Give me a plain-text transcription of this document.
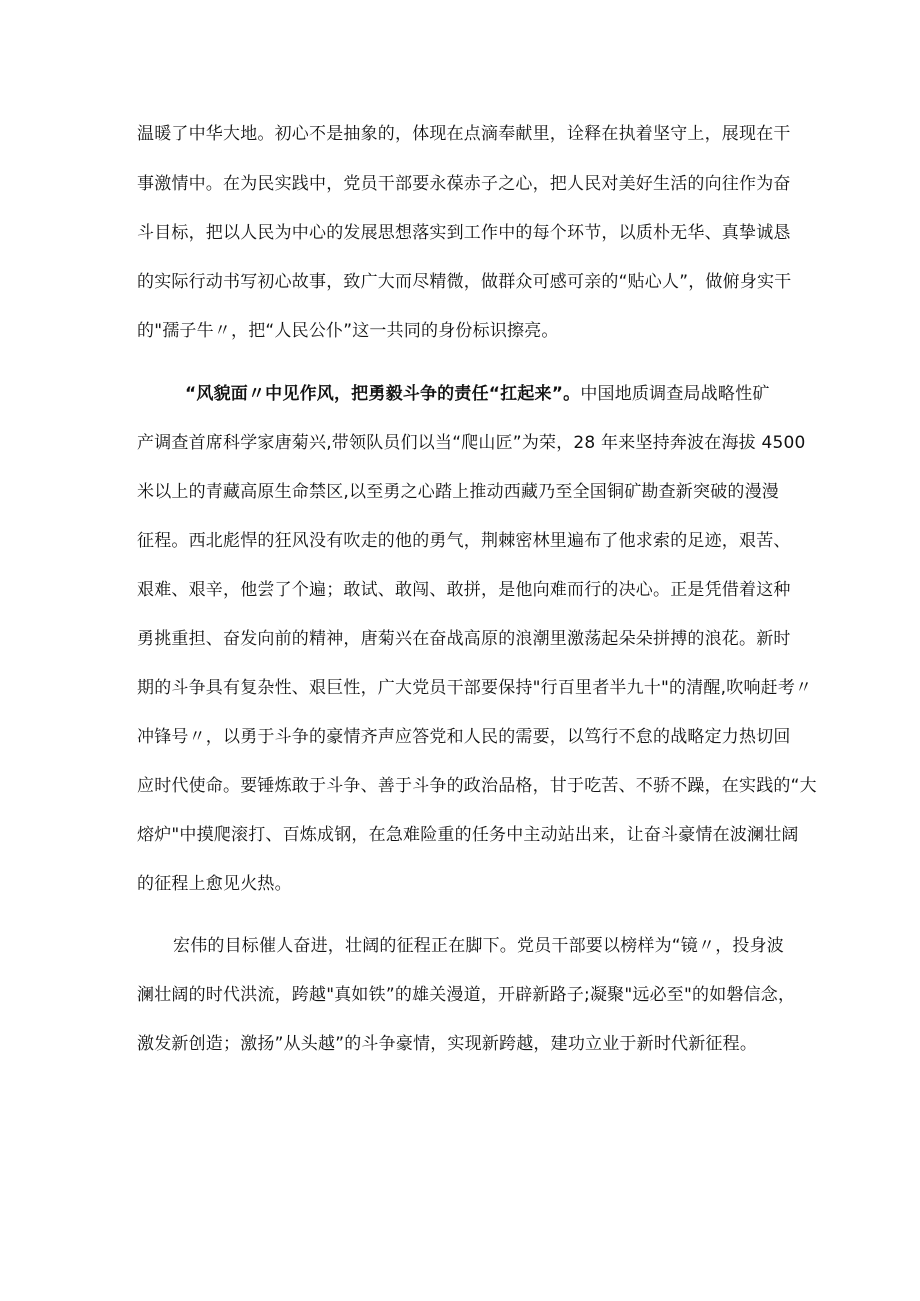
温暖了中华大地。初心不是抽象的，体现在点滴奉献里，诠释在执着坚守上，展现在干
事激情中。在为民实践中，党员干部要永葆赤子之心，把人民对美好生活的向往作为奋
斗目标，把以人民为中心的发展思想落实到工作中的每个环节，以质朴无华、真挚诚恳
的实际行动书写初心故事，致广大而尽精微，做群众可感可亲的“贴心人”，做俯身实干
的"孺子牛〃，把“人民公仆”这一共同的身份标识擦亮。
“风貌面〃中见作风，把勇毅斗争的责任“扛起来”。中国地质调查局战略性矿
产调查首席科学家唐菊兴,带领队员们以当“爬山匠”为荣，28 年来坚持奔波在海拔 4500
米以上的青藏高原生命禁区,以至勇之心踏上推动西藏乃至全国铜矿勘查新突破的漫漫
征程。西北彪悍的狂风没有吹走的他的勇气，荆棘密林里遍布了他求索的足迹，艰苦、
艰难、艰辛，他尝了个遍；敢试、敢闯、敢拼，是他向难而行的决心。正是凭借着这种
勇挑重担、奋发向前的精神，唐菊兴在奋战高原的浪潮里激荡起朵朵拼搏的浪花。新时
期的斗争具有复杂性、艰巨性，广大党员干部要保持"行百里者半九十"的清醒,吹响赶考〃
冲锋号〃，以勇于斗争的豪情齐声应答党和人民的需要，以笃行不怠的战略定力热切回
应时代使命。要锤炼敢于斗争、善于斗争的政治品格，甘于吃苦、不骄不躁，在实践的“大
熔炉"中摸爬滚打、百炼成钢，在急难险重的任务中主动站出来，让奋斗豪情在波澜壮阔
的征程上愈见火热。
宏伟的目标催人奋进，壮阔的征程正在脚下。党员干部要以榜样为“镜〃，投身波
澜壮阔的时代洪流，跨越"真如铁”的雄关漫道，开辟新路子;凝聚"远必至"的如磐信念，
激发新创造；激扬”从头越”的斗争豪情，实现新跨越，建功立业于新时代新征程。
